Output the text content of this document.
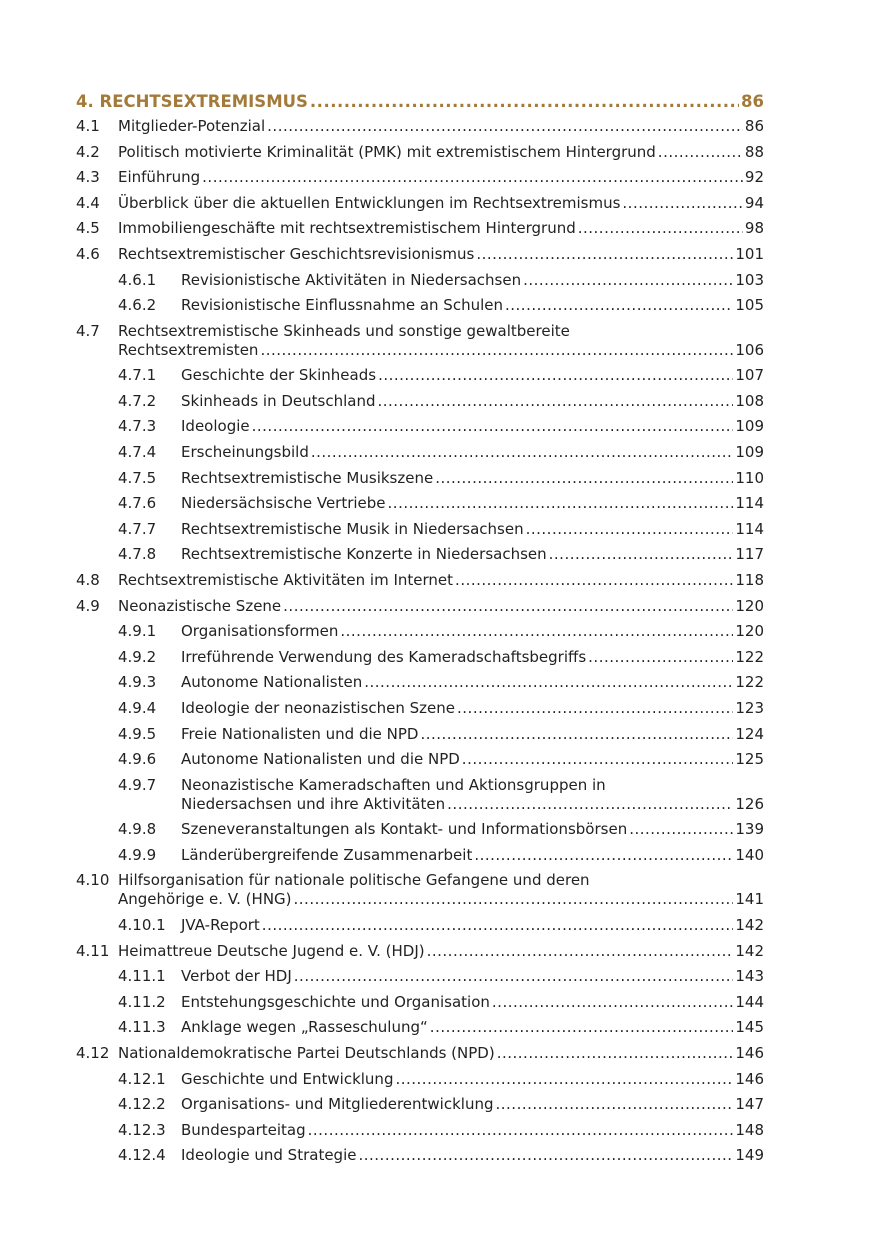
4. RECHTSEXTREMISMUS .....	86
4.1	Mitglieder-Potenzial .....	86
4.2	Politisch motivierte Kriminalität (PMK) mit extremistischem Hintergrund .....	88
4.3	Einführung .....	92
4.4	Überblick über die aktuellen Entwicklungen im Rechtsextremismus .....	94
4.5	Immobiliengeschäfte mit rechtsextremistischem Hintergrund .....	98
4.6	Rechtsextremistischer Geschichtsrevisionismus .....	101
4.6.1	Revisionistische Aktivitäten in Niedersachsen .....	103
4.6.2	Revisionistische Einflussnahme an Schulen .....	105
4.7	Rechtsextremistische Skinheads und sonstige gewaltbereite
Rechtsextremisten .....	106
4.7.1	Geschichte der Skinheads .....	107
4.7.2	Skinheads in Deutschland .....	108
4.7.3	Ideologie .....	109
4.7.4	Erscheinungsbild .....	109
4.7.5	Rechtsextremistische Musikszene .....	110
4.7.6	Niedersächsische Vertriebe .....	114
4.7.7	Rechtsextremistische Musik in Niedersachsen .....	114
4.7.8	Rechtsextremistische Konzerte in Niedersachsen .....	117
4.8	Rechtsextremistische Aktivitäten im Internet .....	118
4.9	Neonazistische Szene .....	120
4.9.1	Organisationsformen .....	120
4.9.2	Irreführende Verwendung des Kameradschaftsbegriffs .....	122
4.9.3	Autonome Nationalisten .....	122
4.9.4	Ideologie der neonazistischen Szene .....	123
4.9.5	Freie Nationalisten und die NPD .....	124
4.9.6	Autonome Nationalisten und die NPD .....	125
4.9.7	Neonazistische Kameradschaften und Aktionsgruppen in
Niedersachsen und ihre Aktivitäten .....	126
4.9.8	Szeneveranstaltungen als Kontakt- und Informationsbörsen .....	139
4.9.9	Länderübergreifende Zusammenarbeit .....	140
4.10 Hilfsorganisation für nationale politische Gefangene und deren
Angehörige e. V. (HNG) .....	141
4.10.1	JVA-Report .....	142
4.11 Heimattreue Deutsche Jugend e. V. (HDJ) .....	142
4.11.1	Verbot der HDJ .....	143
4.11.2	Entstehungsgeschichte und Organisation .....	144
4.11.3	Anklage wegen „Rasseschulung“ .....	145
4.12 Nationaldemokratische Partei Deutschlands (NPD) .....	146
4.12.1	Geschichte und Entwicklung .....	146
4.12.2	Organisations- und Mitgliederentwicklung .....	147
4.12.3	Bundesparteitag .....	148
4.12.4	Ideologie und Strategie .....	149
